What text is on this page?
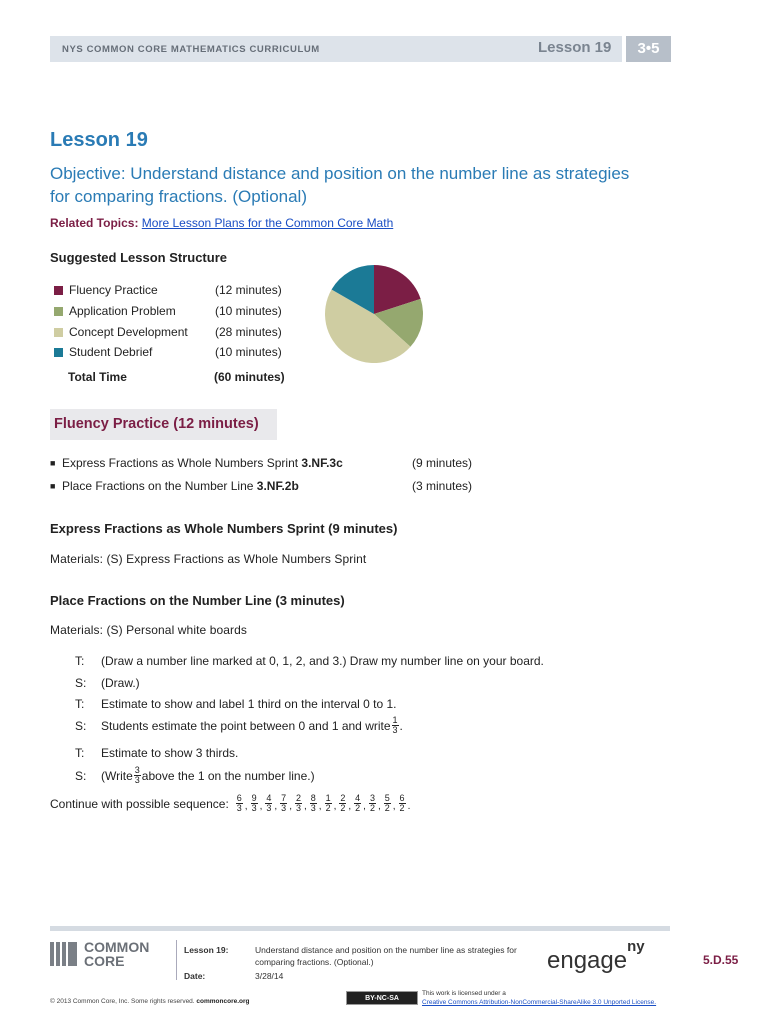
NYS COMMON CORE MATHEMATICS CURRICULUM	Lesson 19	3•5
Lesson 19
Objective: Understand distance and position on the number line as strategies for comparing fractions. (Optional)
Related Topics: More Lesson Plans for the Common Core Math
Suggested Lesson Structure
Fluency Practice	(12 minutes)
Application Problem	(10 minutes)
Concept Development	(28 minutes)
Student Debrief	(10 minutes)
Total Time	(60 minutes)
Fluency Practice (12 minutes)
■ Express Fractions as Whole Numbers Sprint 3.NF.3c	(9 minutes)
■ Place Fractions on the Number Line 3.NF.2b	(3 minutes)
Express Fractions as Whole Numbers Sprint (9 minutes)
Materials: (S) Express Fractions as Whole Numbers Sprint
Place Fractions on the Number Line (3 minutes)
Materials: (S) Personal white boards
T:	(Draw a number line marked at 0, 1, 2, and 3.) Draw my number line on your board.
S:	(Draw.)
T:	Estimate to show and label 1 third on the interval 0 to 1.
S:	Students estimate the point between 0 and 1 and write $\frac{1}{3}$ .
T:	Estimate to show 3 thirds.
S:	(Write $\frac{3}{3}$ above the 1 on the number line.)
Continue with possible sequence: $\frac{6}{3}$ , $\frac{9}{3}$ , $\frac{4}{3}$ , $\frac{7}{3}$ , $\frac{2}{3}$ , $\frac{8}{3}$ , $\frac{1}{2}$ , $\frac{2}{2}$ , $\frac{4}{2}$ , $\frac{3}{2}$ , $\frac{5}{2}$ , $\frac{6}{2}$ .
COMMON
CORE
Lesson 19:	Understand distance and position on the number line as strategies for comparing fractions. (Optional.)
Date:	3/28/14
engage$^{ny}$
5.D.55
© 2013 Common Core, Inc. Some rights reserved. commoncore.org	BY-NC-SA
This work is licensed under a
Creative Commons Attribution-NonCommercial-ShareAlike 3.0 Unported License.
